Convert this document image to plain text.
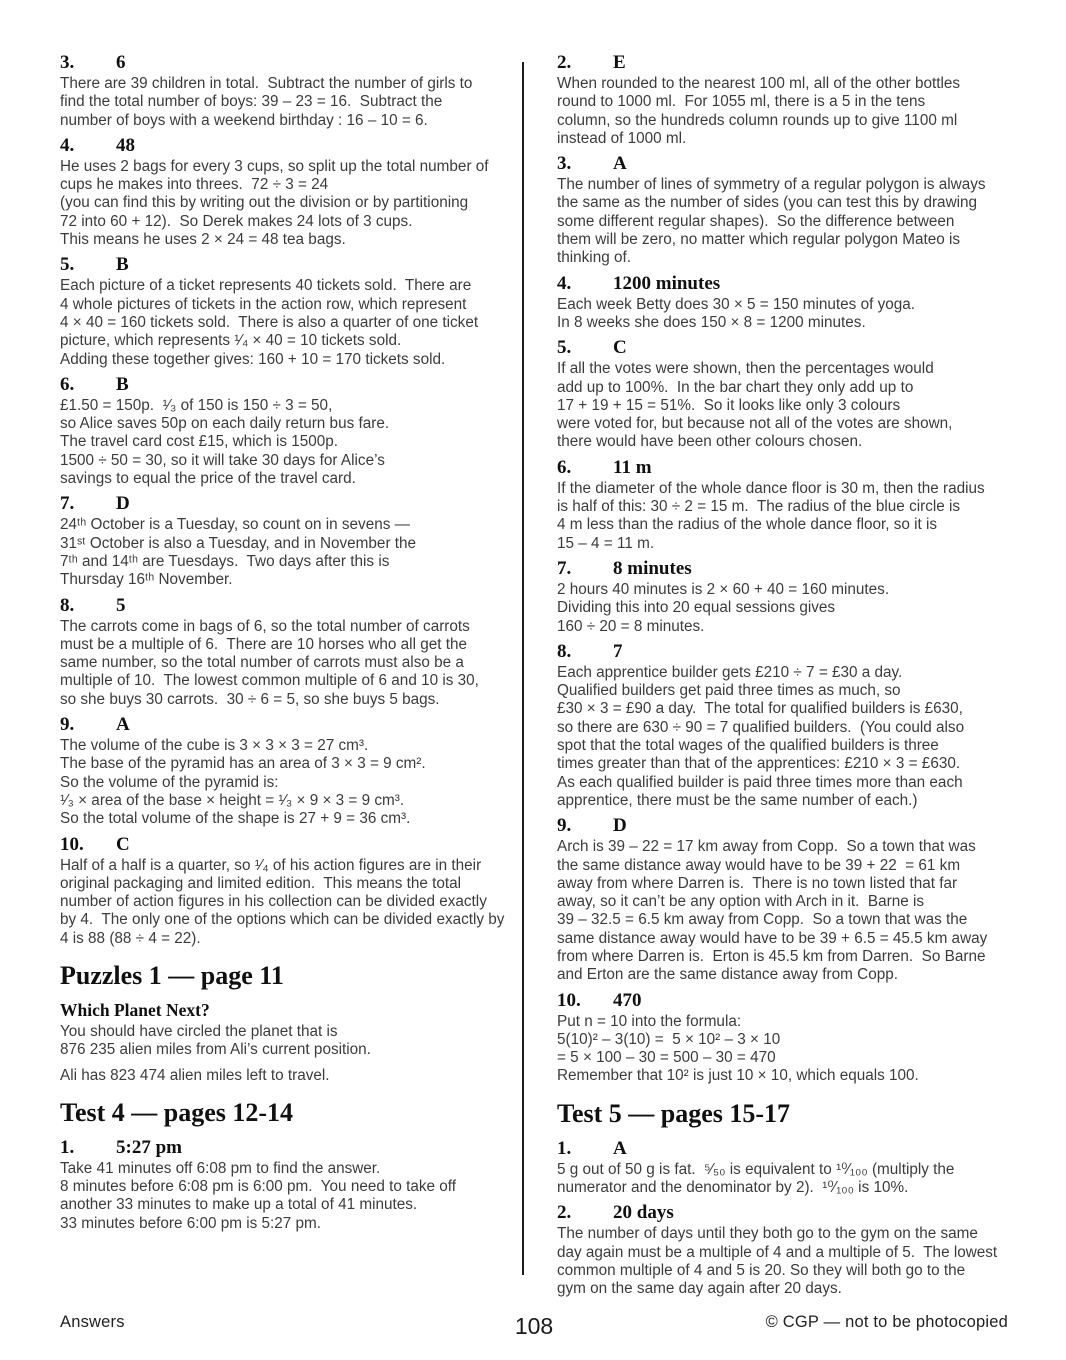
3. 6
There are 39 children in total.  Subtract the number of girls to
find the total number of boys: 39 – 23 = 16.  Subtract the
number of boys with a weekend birthday : 16 – 10 = 6.
4. 48
He uses 2 bags for every 3 cups, so split up the total number of
cups he makes into threes.  72 ÷ 3 = 24
(you can find this by writing out the division or by partitioning
72 into 60 + 12).  So Derek makes 24 lots of 3 cups.
This means he uses 2 × 24 = 48 tea bags.
5. B
Each picture of a ticket represents 40 tickets sold.  There are
4 whole pictures of tickets in the action row, which represent
4 × 40 = 160 tickets sold.  There is also a quarter of one ticket
picture, which represents ¹⁄₄ × 40 = 10 tickets sold.
Adding these together gives: 160 + 10 = 170 tickets sold.
6. B
£1.50 = 150p.  ¹⁄₃ of 150 is 150 ÷ 3 = 50,
so Alice saves 50p on each daily return bus fare.
The travel card cost £15, which is 1500p.
1500 ÷ 50 = 30, so it will take 30 days for Alice’s
savings to equal the price of the travel card.
7. D
24ᵗʰ October is a Tuesday, so count on in sevens —
31ˢᵗ October is also a Tuesday, and in November the
7ᵗʰ and 14ᵗʰ are Tuesdays.  Two days after this is
Thursday 16ᵗʰ November.
8. 5
The carrots come in bags of 6, so the total number of carrots
must be a multiple of 6.  There are 10 horses who all get the
same number, so the total number of carrots must also be a
multiple of 10.  The lowest common multiple of 6 and 10 is 30,
so she buys 30 carrots.  30 ÷ 6 = 5, so she buys 5 bags.
9. A
The volume of the cube is 3 × 3 × 3 = 27 cm³.
The base of the pyramid has an area of 3 × 3 = 9 cm².
So the volume of the pyramid is:
¹⁄₃ × area of the base × height = ¹⁄₃ × 9 × 3 = 9 cm³.
So the total volume of the shape is 27 + 9 = 36 cm³.
10. C
Half of a half is a quarter, so ¹⁄₄ of his action figures are in their
original packaging and limited edition.  This means the total
number of action figures in his collection can be divided exactly
by 4.  The only one of the options which can be divided exactly by
4 is 88 (88 ÷ 4 = 22).
Puzzles 1 — page 11
Which Planet Next?
You should have circled the planet that is
876 235 alien miles from Ali’s current position.
Ali has 823 474 alien miles left to travel.
Test 4 — pages 12-14
1. 5:27 pm
Take 41 minutes off 6:08 pm to find the answer.
8 minutes before 6:08 pm is 6:00 pm.  You need to take off
another 33 minutes to make up a total of 41 minutes.
33 minutes before 6:00 pm is 5:27 pm.
2. E
When rounded to the nearest 100 ml, all of the other bottles
round to 1000 ml.  For 1055 ml, there is a 5 in the tens
column, so the hundreds column rounds up to give 1100 ml
instead of 1000 ml.
3. A
The number of lines of symmetry of a regular polygon is always
the same as the number of sides (you can test this by drawing
some different regular shapes).  So the difference between
them will be zero, no matter which regular polygon Mateo is
thinking of.
4. 1200 minutes
Each week Betty does 30 × 5 = 150 minutes of yoga.
In 8 weeks she does 150 × 8 = 1200 minutes.
5. C
If all the votes were shown, then the percentages would
add up to 100%.  In the bar chart they only add up to
17 + 19 + 15 = 51%.  So it looks like only 3 colours
were voted for, but because not all of the votes are shown,
there would have been other colours chosen.
6. 11 m
If the diameter of the whole dance floor is 30 m, then the radius
is half of this: 30 ÷ 2 = 15 m.  The radius of the blue circle is
4 m less than the radius of the whole dance floor, so it is
15 – 4 = 11 m.
7. 8 minutes
2 hours 40 minutes is 2 × 60 + 40 = 160 minutes.
Dividing this into 20 equal sessions gives
160 ÷ 20 = 8 minutes.
8. 7
Each apprentice builder gets £210 ÷ 7 = £30 a day.
Qualified builders get paid three times as much, so
£30 × 3 = £90 a day.  The total for qualified builders is £630,
so there are 630 ÷ 90 = 7 qualified builders.  (You could also
spot that the total wages of the qualified builders is three
times greater than that of the apprentices: £210 × 3 = £630.
As each qualified builder is paid three times more than each
apprentice, there must be the same number of each.)
9. D
Arch is 39 – 22 = 17 km away from Copp.  So a town that was
the same distance away would have to be 39 + 22  = 61 km
away from where Darren is.  There is no town listed that far
away, so it can’t be any option with Arch in it.  Barne is
39 – 32.5 = 6.5 km away from Copp.  So a town that was the
same distance away would have to be 39 + 6.5 = 45.5 km away
from where Darren is.  Erton is 45.5 km from Darren.  So Barne
and Erton are the same distance away from Copp.
10. 470
Put n = 10 into the formula:
5(10)² – 3(10) =  5 × 10² – 3 × 10
= 5 × 100 – 30 = 500 – 30 = 470
Remember that 10² is just 10 × 10, which equals 100.
Test 5 — pages 15-17
1. A
5 g out of 50 g is fat.  ⁵⁄₅₀ is equivalent to ¹⁰⁄₁₀₀ (multiply the
numerator and the denominator by 2).  ¹⁰⁄₁₀₀ is 10%.
2. 20 days
The number of days until they both go to the gym on the same
day again must be a multiple of 4 and a multiple of 5.  The lowest
common multiple of 4 and 5 is 20. So they will both go to the
gym on the same day again after 20 days.
Answers	108	© CGP — not to be photocopied
